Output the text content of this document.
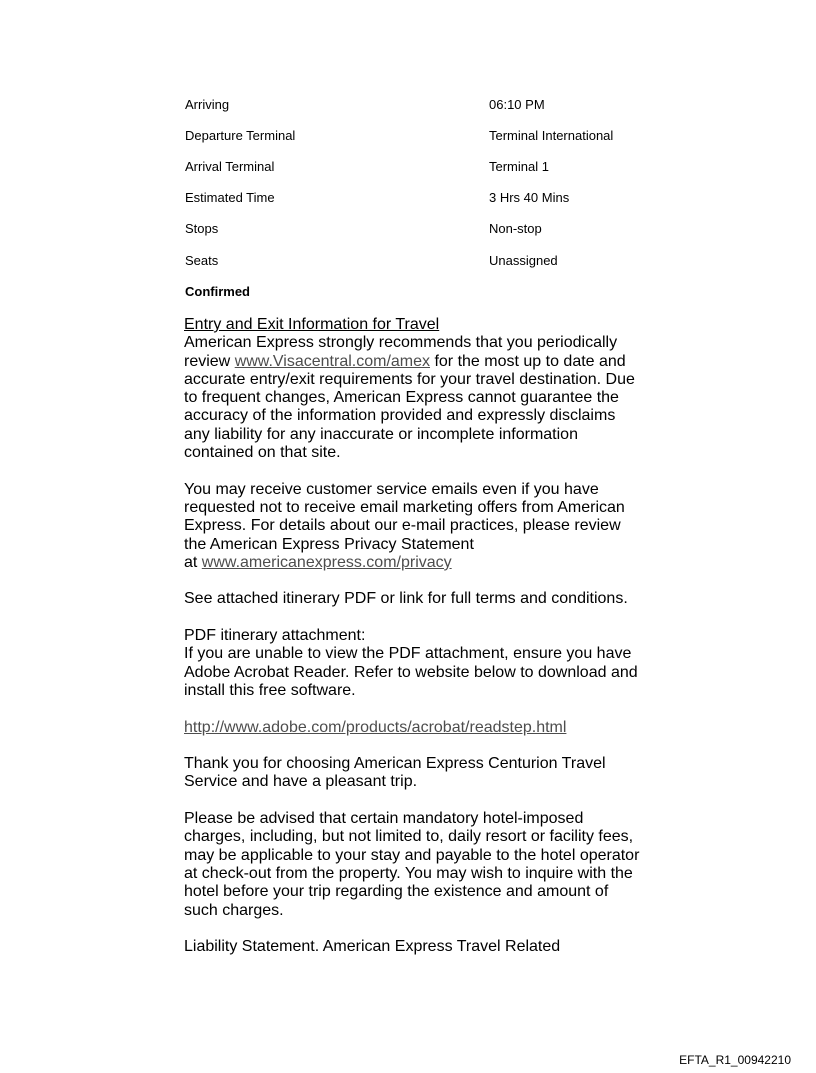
Arriving	06:10 PM
Departure Terminal	Terminal International
Arrival Terminal	Terminal 1
Estimated Time	3 Hrs 40 Mins
Stops	Non-stop
Seats	Unassigned
Confirmed

Entry and Exit Information for Travel
American Express strongly recommends that you periodically review www.Visacentral.com/amex for the most up to date and accurate entry/exit requirements for your travel destination. Due to frequent changes, American Express cannot guarantee the accuracy of the information provided and expressly disclaims any liability for any inaccurate or incomplete information contained on that site.

You may receive customer service emails even if you have requested not to receive email marketing offers from American Express. For details about our e-mail practices, please review the American Express Privacy Statement
at www.americanexpress.com/privacy

See attached itinerary PDF or link for full terms and conditions.

PDF itinerary attachment:
If you are unable to view the PDF attachment, ensure you have Adobe Acrobat Reader. Refer to website below to download and install this free software.

http://www.adobe.com/products/acrobat/readstep.html

Thank you for choosing American Express Centurion Travel Service and have a pleasant trip.

Please be advised that certain mandatory hotel-imposed charges, including, but not limited to, daily resort or facility fees, may be applicable to your stay and payable to the hotel operator at check-out from the property. You may wish to inquire with the hotel before your trip regarding the existence and amount of such charges.

Liability Statement. American Express Travel Related

EFTA_R1_00942210
